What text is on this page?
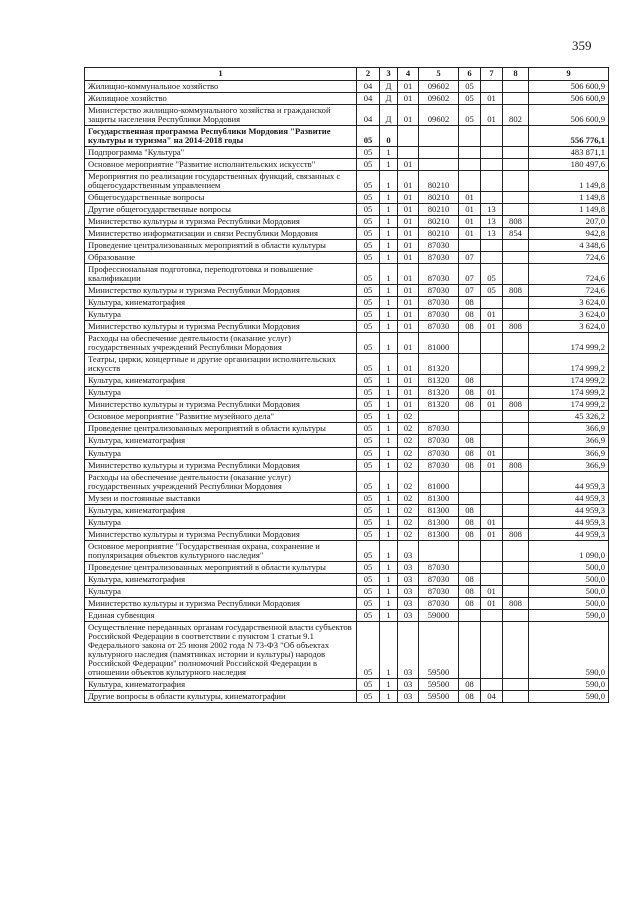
359
1	2	3	4	5	6	7	8	9
Жилищно-коммунальное хозяйство	04	Д	01	09602	05			506 600,9
Жилищное хозяйство	04	Д	01	09602	05	01		506 600,9
Министерство жилищно-коммунального хозяйства и гражданской защиты населения Республики Мордовия	04	Д	01	09602	05	01	802	506 600,9
Государственная программа Республики Мордовия "Развитие культуры и туризма" на 2014-2018 годы	05	0						556 776,1
Подпрограмма "Культура"	05	1						483 871,1
Основное мероприятие "Развитие исполнительских искусств"	05	1	01					180 497,6
Мероприятия по реализации государственных функций, связанных с общегосударственным управлением	05	1	01	80210				1 149,8
Общегосударственные вопросы	05	1	01	80210	01			1 149,8
Другие общегосударственные вопросы	05	1	01	80210	01	13		1 149,8
Министерство культуры и туризма Республики Мордовия	05	1	01	80210	01	13	808	207,0
Министерство информатизации и связи Республики Мордовия	05	1	01	80210	01	13	854	942,8
Проведение централизованных мероприятий в области культуры	05	1	01	87030				4 348,6
Образование	05	1	01	87030	07			724,6
Профессиональная подготовка, переподготовка и повышение квалификации	05	1	01	87030	07	05		724,6
Министерство культуры и туризма Республики Мордовия	05	1	01	87030	07	05	808	724,6
Культура, кинематография	05	1	01	87030	08			3 624,0
Культура	05	1	01	87030	08	01		3 624,0
Министерство культуры и туризма Республики Мордовия	05	1	01	87030	08	01	808	3 624,0
Расходы на обеспечение деятельности (оказание услуг) государственных учреждений Республики Мордовия	05	1	01	81000				174 999,2
Театры, цирки, концертные и другие организации исполнительских искусств	05	1	01	81320				174 999,2
Культура, кинематография	05	1	01	81320	08			174 999,2
Культура	05	1	01	81320	08	01		174 999,2
Министерство культуры и туризма Республики Мордовия	05	1	01	81320	08	01	808	174 999,2
Основное мероприятие "Развитие музейного дела"	05	1	02					45 326,2
Проведение централизованных мероприятий в области культуры	05	1	02	87030				366,9
Культура, кинематография	05	1	02	87030	08			366,9
Культура	05	1	02	87030	08	01		366,9
Министерство культуры и туризма Республики Мордовия	05	1	02	87030	08	01	808	366,9
Расходы на обеспечение деятельности (оказание услуг) государственных учреждений Республики Мордовия	05	1	02	81000				44 959,3
Музеи и постоянные выставки	05	1	02	81300				44 959,3
Культура, кинематография	05	1	02	81300	08			44 959,3
Культура	05	1	02	81300	08	01		44 959,3
Министерство культуры и туризма Республики Мордовия	05	1	02	81300	08	01	808	44 959,3
Основное мероприятие "Государственная охрана, сохранение и популяризация объектов культурного наследия"	05	1	03					1 090,0
Проведение централизованных мероприятий в области культуры	05	1	03	87030				500,0
Культура, кинематография	05	1	03	87030	08			500,0
Культура	05	1	03	87030	08	01		500,0
Министерство культуры и туризма Республики Мордовия	05	1	03	87030	08	01	808	500,0
Единая субвенция	05	1	03	59000				590,0
Осуществление переданных органам государственной власти субъектов Российской Федерации в соответствии с пунктом 1 статьи 9.1 Федерального закона от 25 июня 2002 года N 73-ФЗ "Об объектах культурного наследия (памятниках истории и культуры) народов Российской Федерации" полномочий Российской Федерации в отношении объектов культурного наследия	05	1	03	59500				590,0
Культура, кинематография	05	1	03	59500	08			590,0
Другие вопросы в области культуры, кинематографии	05	1	03	59500	08	04		590,0
